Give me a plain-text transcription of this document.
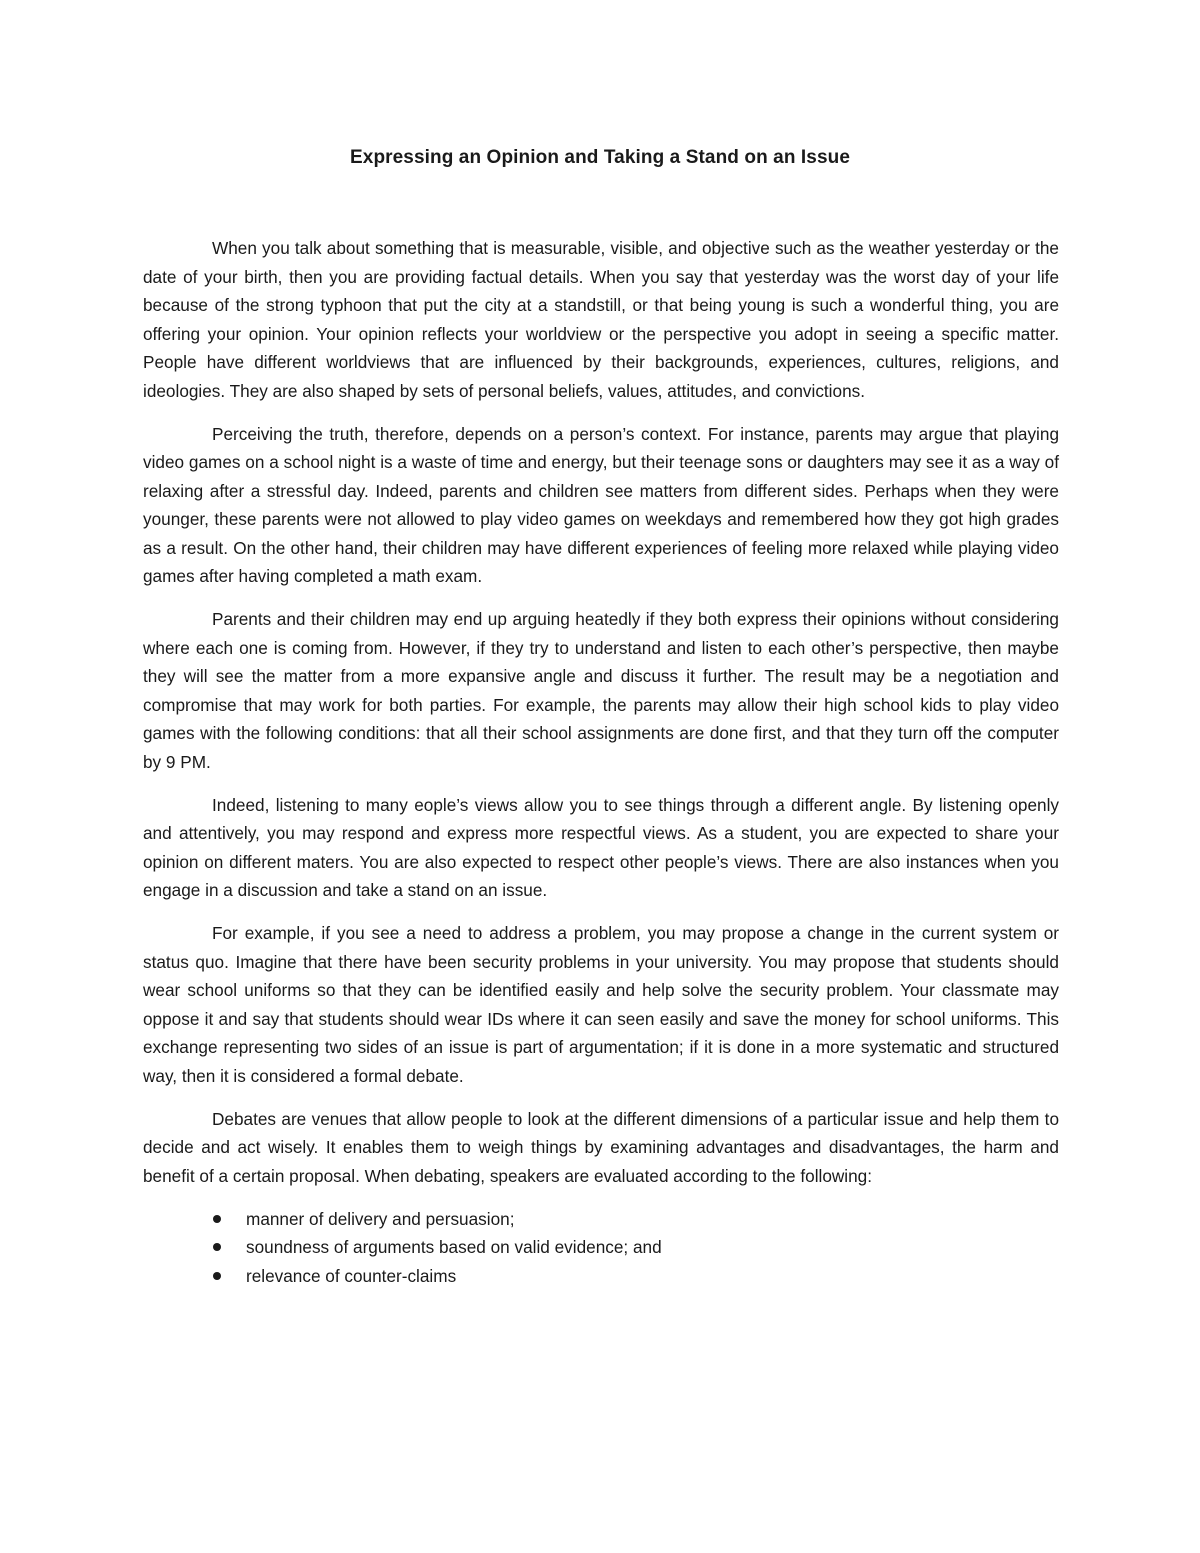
Expressing an Opinion and Taking a Stand on an Issue

When you talk about something that is measurable, visible, and objective such as the weather yesterday or the date of your birth, then you are providing factual details. When you say that yesterday was the worst day of your life because of the strong typhoon that put the city at a standstill, or that being young is such a wonderful thing, you are offering your opinion. Your opinion reflects your worldview or the perspective you adopt in seeing a specific matter. People have different worldviews that are influenced by their backgrounds, experiences, cultures, religions, and ideologies. They are also shaped by sets of personal beliefs, values, attitudes, and convictions.

Perceiving the truth, therefore, depends on a person’s context. For instance, parents may argue that playing video games on a school night is a waste of time and energy, but their teenage sons or daughters may see it as a way of relaxing after a stressful day. Indeed, parents and children see matters from different sides. Perhaps when they were younger, these parents were not allowed to play video games on weekdays and remembered how they got high grades as a result. On the other hand, their children may have different experiences of feeling more relaxed while playing video games after having completed a math exam.

Parents and their children may end up arguing heatedly if they both express their opinions without considering where each one is coming from. However, if they try to understand and listen to each other’s perspective, then maybe they will see the matter from a more expansive angle and discuss it further. The result may be a negotiation and compromise that may work for both parties. For example, the parents may allow their high school kids to play video games with the following conditions: that all their school assignments are done first, and that they turn off the computer by 9 PM.

Indeed, listening to many eople’s views allow you to see things through a different angle. By listening openly and attentively, you may respond and express more respectful views. As a student, you are expected to share your opinion on different maters. You are also expected to respect other people’s views. There are also instances when you engage in a discussion and take a stand on an issue.

For example, if you see a need to address a problem, you may propose a change in the current system or status quo. Imagine that there have been security problems in your university. You may propose that students should wear school uniforms so that they can be identified easily and help solve the security problem. Your classmate may oppose it and say that students should wear IDs where it can seen easily and save the money for school uniforms. This exchange representing two sides of an issue is part of argumentation; if it is done in a more systematic and structured way, then it is considered a formal debate.

Debates are venues that allow people to look at the different dimensions of a particular issue and help them to decide and act wisely. It enables them to weigh things by examining advantages and disadvantages, the harm and benefit of a certain proposal. When debating, speakers are evaluated according to the following:

manner of delivery and persuasion;
soundness of arguments based on valid evidence; and
relevance of counter-claims
